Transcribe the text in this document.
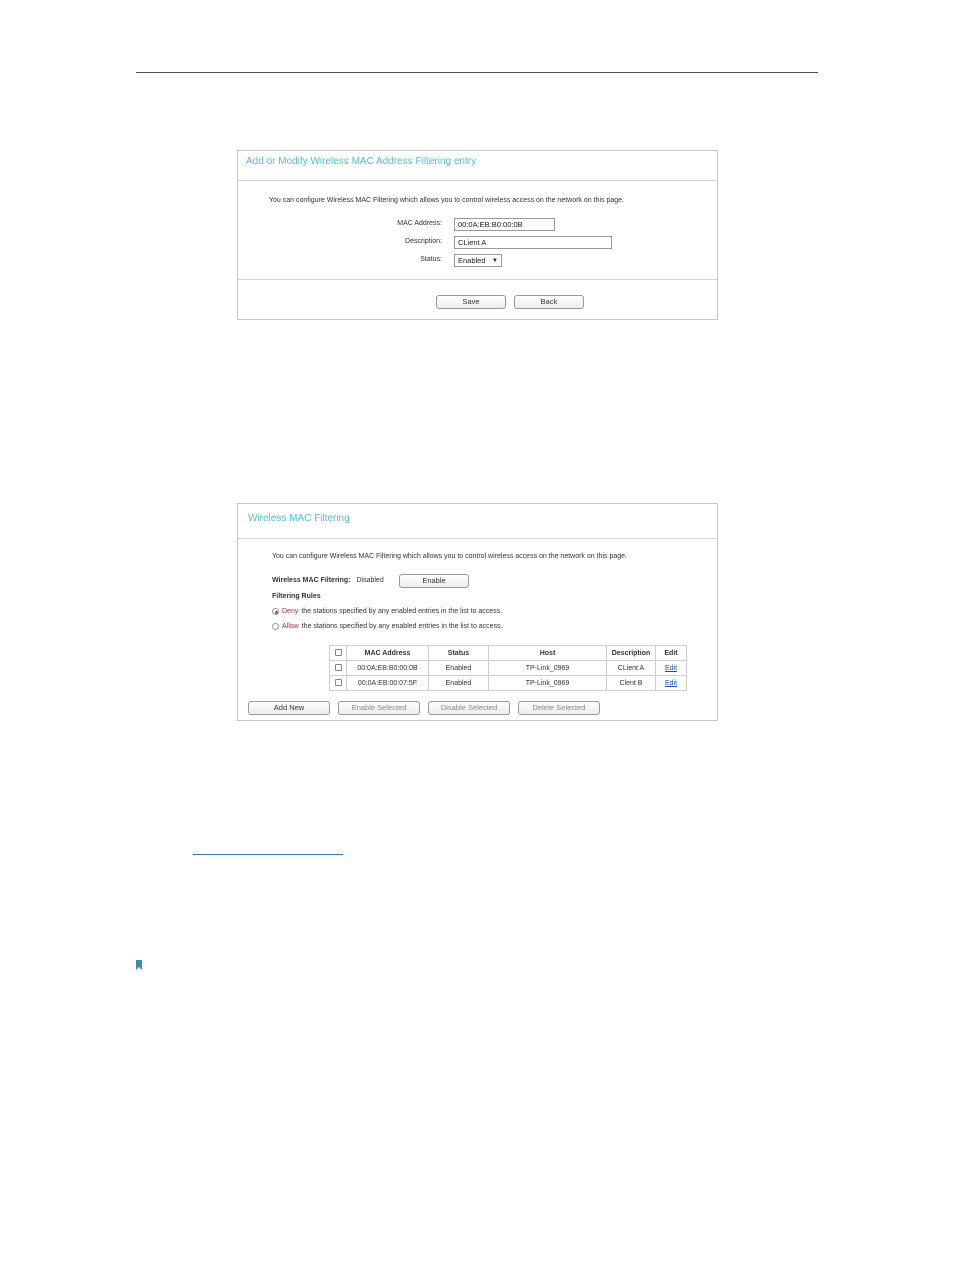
Add or Modify Wireless MAC Address Filtering entry
You can configure Wireless MAC Filtering which allows you to control wireless access on the network on this page.
MAC Address:	00:0A:EB:B0:00:0B
Description:	CLient A
Status:	Enabled ▼
Save	Back
Wireless MAC Filtering
You can configure Wireless MAC Filtering which allows you to control wireless access on the network on this page.
Wireless MAC Filtering: Disabled	Enable
Filtering Rules
Deny the stations specified by any enabled entries in the list to access.
Allow the stations specified by any enabled entries in the list to access.
	MAC Address	Status	Host	Description	Edit
	00:0A:EB:B0:00:0B	Enabled	TP-Link_0969	CLient A	Edit
	00:0A:EB:00:07:5F	Enabled	TP-Link_0969	Clent B	Edit
Add New	Enable Selected	Disable Selected	Delete Selected
